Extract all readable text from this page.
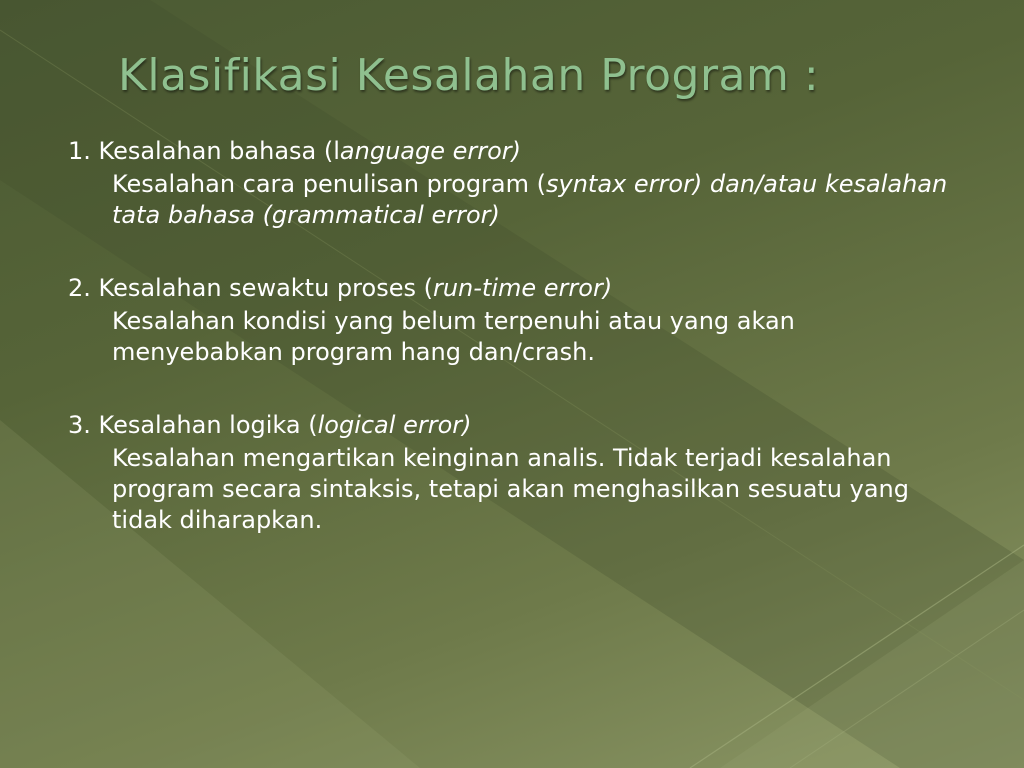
Klasifikasi Kesalahan Program :

1. Kesalahan bahasa (language error)

Kesalahan cara penulisan program (syntax error) dan/atau kesalahan tata bahasa (grammatical error)

2. Kesalahan sewaktu proses (run-time error)

Kesalahan kondisi yang belum terpenuhi atau yang akan menyebabkan program hang dan/crash.

3. Kesalahan logika (logical error)

Kesalahan mengartikan keinginan analis. Tidak terjadi kesalahan program secara sintaksis, tetapi akan menghasilkan sesuatu yang tidak diharapkan.
